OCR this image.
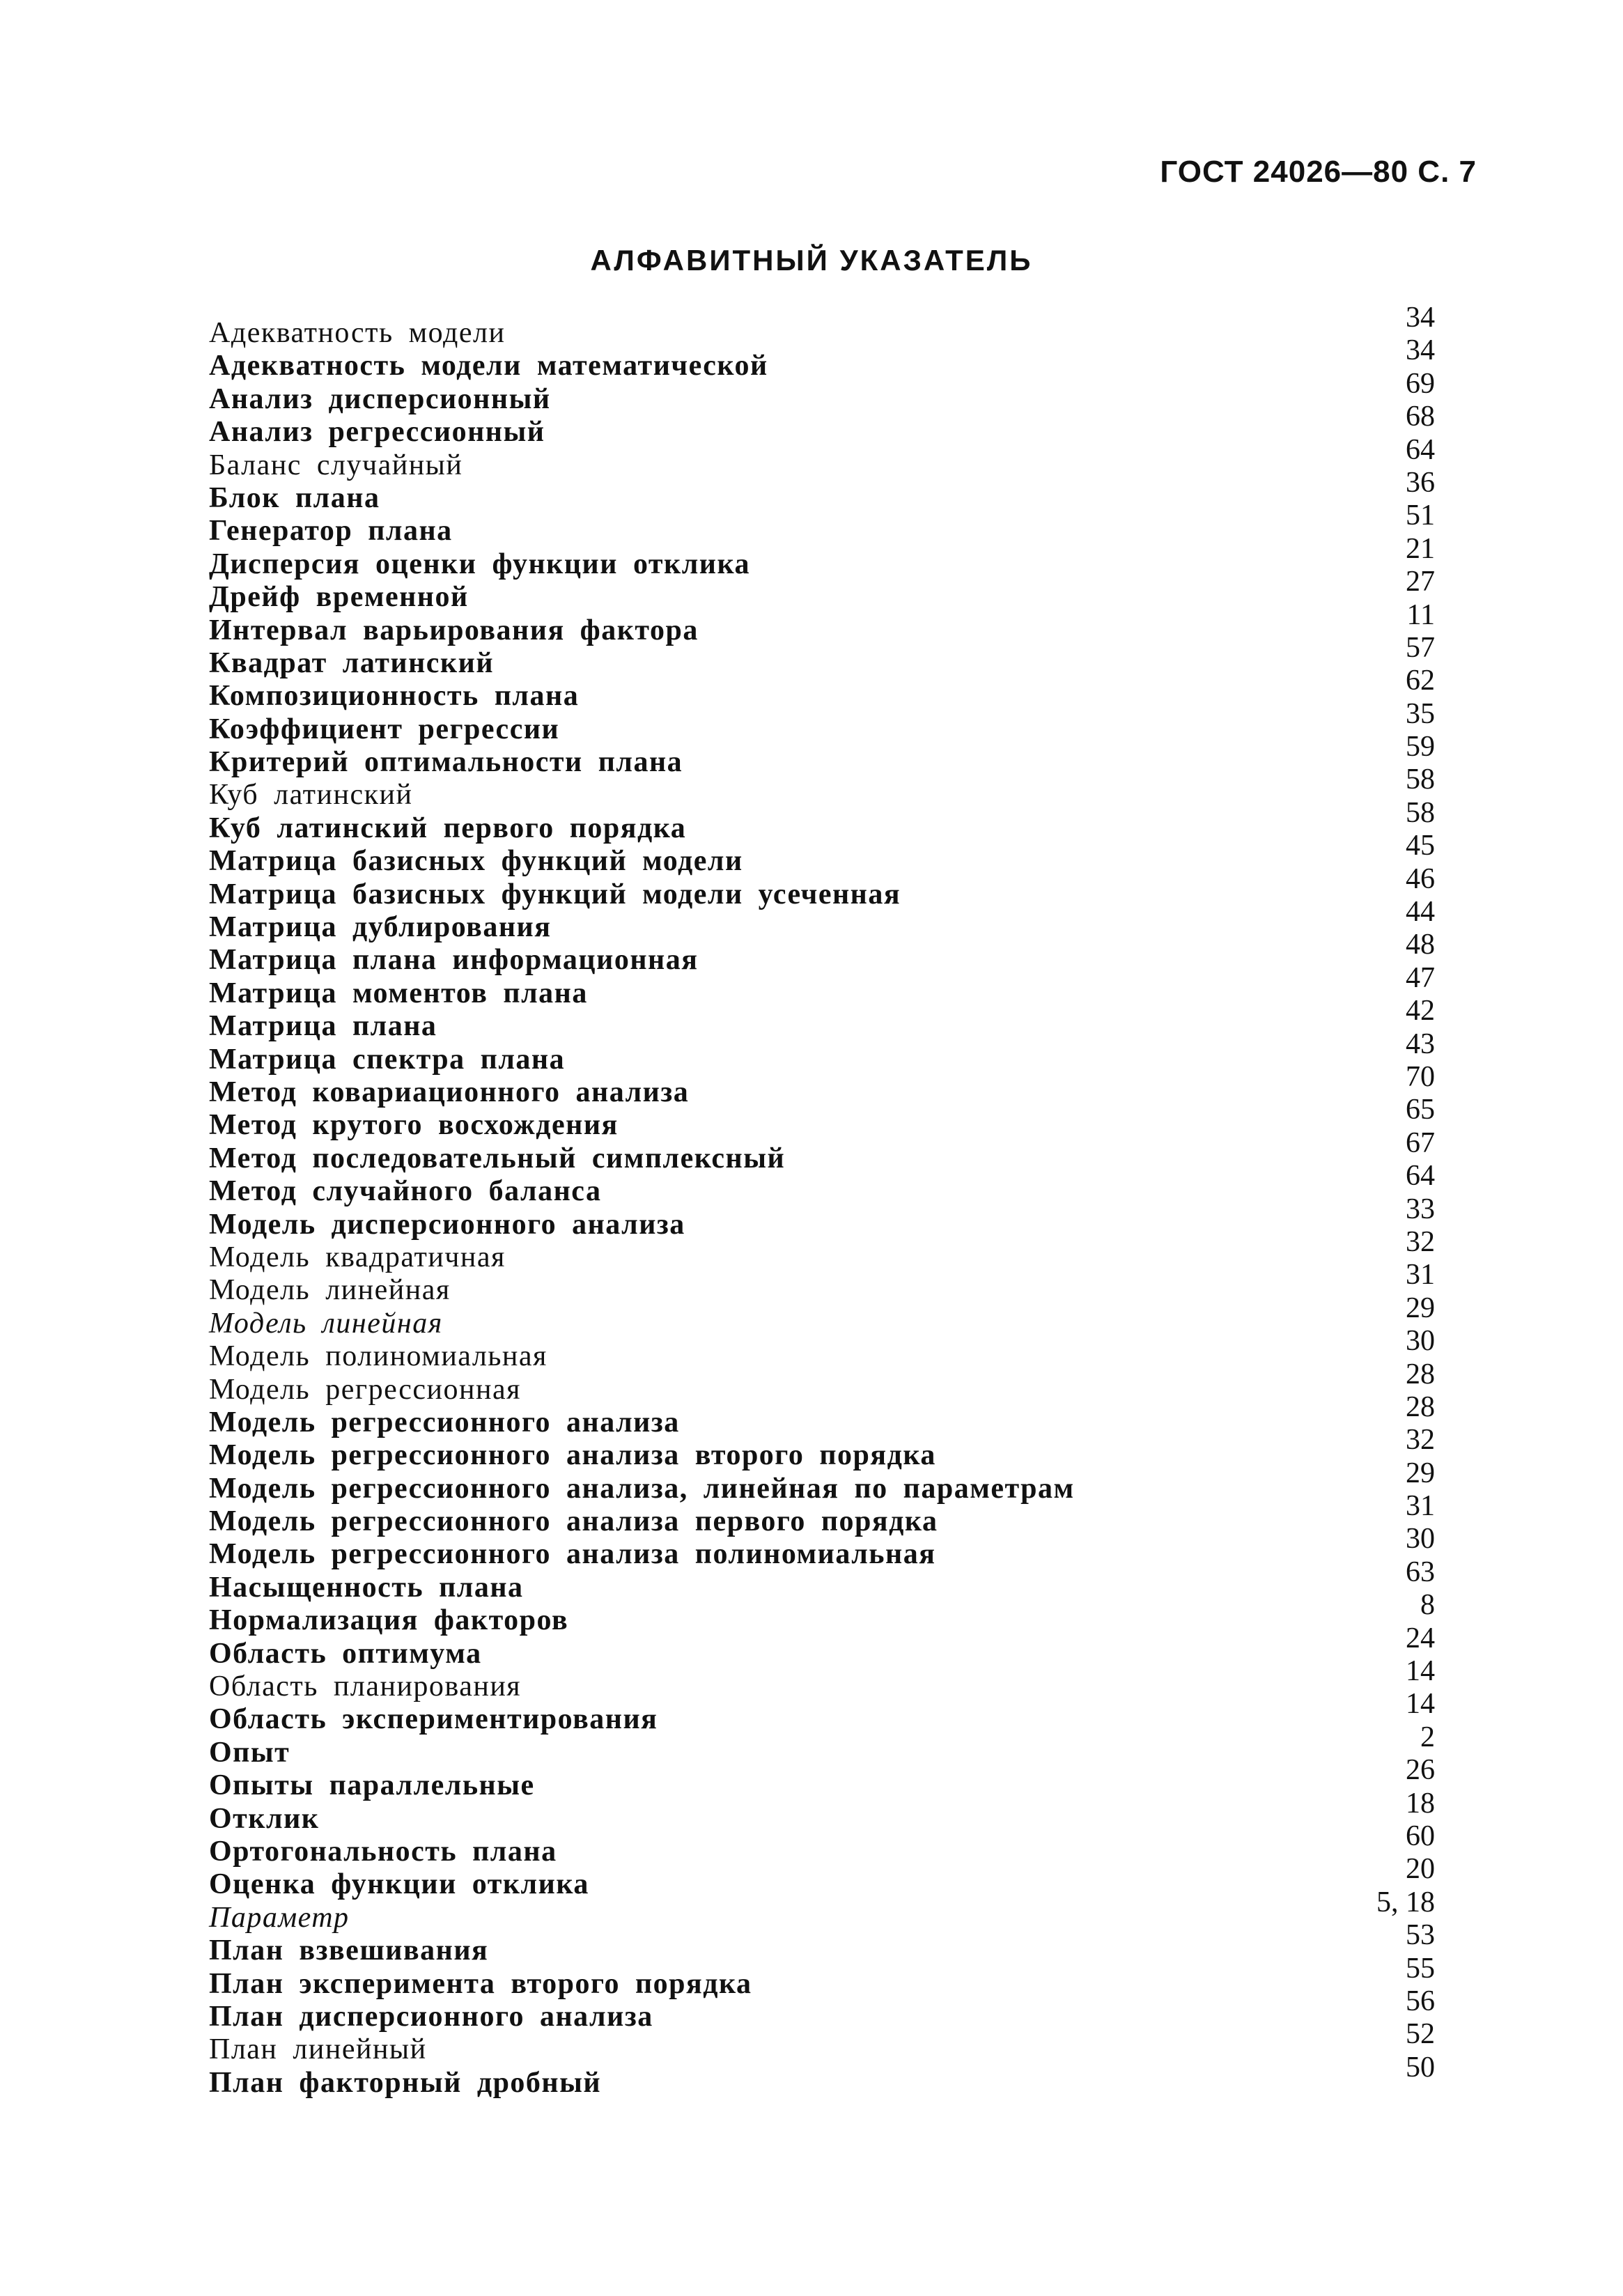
ГОСТ 24026—80 С. 7
АЛФАВИТНЫЙ УКАЗАТЕЛЬ
Адекватность модели	34
Адекватность модели математической	34
Анализ дисперсионный	69
Анализ регрессионный	68
Баланс случайный	64
Блок плана	36
Генератор плана	51
Дисперсия оценки функции отклика	21
Дрейф временной	27
Интервал варьирования фактора	11
Квадрат латинский	57
Композиционность плана	62
Коэффициент регрессии	35
Критерий оптимальности плана	59
Куб латинский	58
Куб латинский первого порядка	58
Матрица базисных функций модели	45
Матрица базисных функций модели усеченная	46
Матрица дублирования	44
Матрица плана информационная	48
Матрица моментов плана	47
Матрица плана	42
Матрица спектра плана	43
Метод ковариационного анализа	70
Метод крутого восхождения	65
Метод последовательный симплексный	67
Метод случайного баланса	64
Модель дисперсионного анализа	33
Модель квадратичная	32
Модель линейная	31
Модель линейная	29
Модель полиномиальная	30
Модель регрессионная	28
Модель регрессионного анализа	28
Модель регрессионного анализа второго порядка	32
Модель регрессионного анализа, линейная по параметрам	29
Модель регрессионного анализа первого порядка	31
Модель регрессионного анализа полиномиальная	30
Насыщенность плана	63
Нормализация факторов	8
Область оптимума	24
Область планирования	14
Область экспериментирования	14
Опыт	2
Опыты параллельные	26
Отклик	18
Ортогональность плана	60
Оценка функции отклика	20
Параметр	5, 18
План взвешивания	53
План эксперимента второго порядка	55
План дисперсионного анализа	56
План линейный	52
План факторный дробный	50
